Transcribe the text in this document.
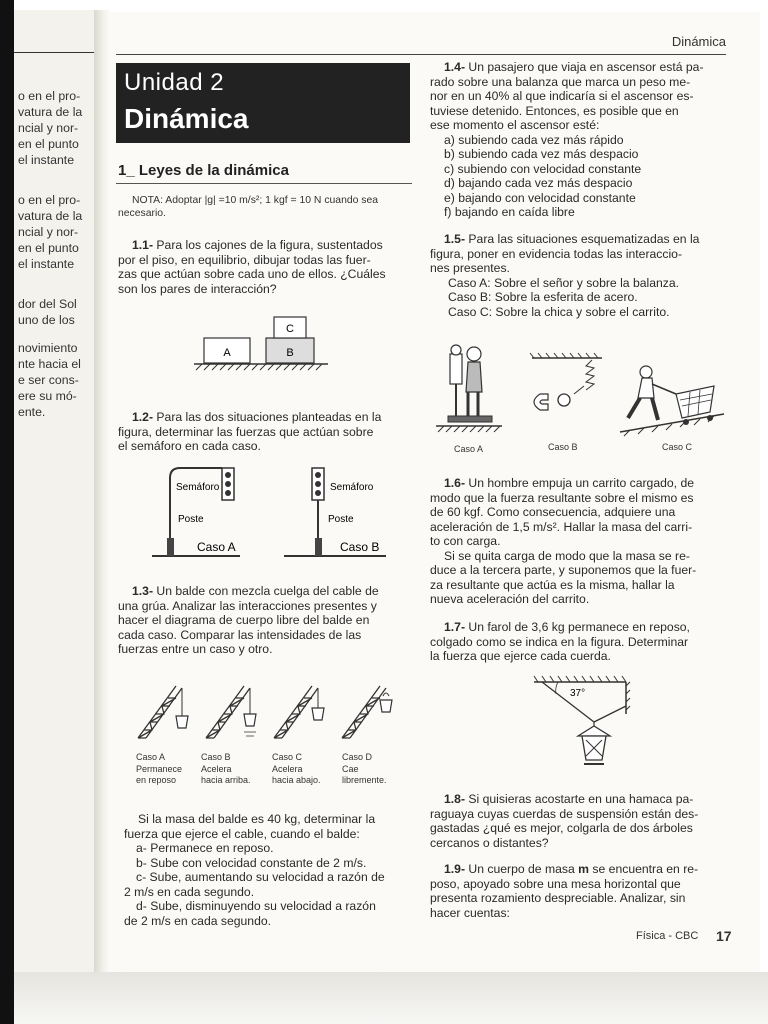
o en el pro-
vatura de la
ncial y nor-
en el punto
el instante
o en el pro-
vatura de la
ncial y nor-
en el punto
el instante
dor del Sol
uno de los
novimiento
nte hacia el
e ser cons-
ere su mó-
ente.
Dinámica
Unidad 2
Dinámica
1_ Leyes de la dinámica
NOTA: Adoptar |g| =10 m/s²; 1 kgf = 10 N cuando sea
necesario.
1.1- Para los cajones de la figura, sustentados
por el piso, en equilibrio, dibujar todas las fuer-
zas que actúan sobre cada uno de ellos. ¿Cuáles
son los pares de interacción?
A	B
C
1.2- Para las dos situaciones planteadas en la
figura, determinar las fuerzas que actúan sobre
el semáforo en cada caso.
Semáforo
Poste
Caso A
Semáforo
Poste
Caso B
1.3- Un balde con mezcla cuelga del cable de
una grúa. Analizar las interacciones presentes y
hacer el diagrama de cuerpo libre del balde en
cada caso. Comparar las intensidades de las
fuerzas entre un caso y otro.
Caso A
Permanece
en reposo
Caso B
Acelera
hacia arriba.
Caso C
Acelera
hacia abajo.
Caso D
Cae
libremente.
Si la masa del balde es 40 kg, determinar la
fuerza que ejerce el cable, cuando el balde:
a- Permanece en reposo.
b- Sube con velocidad constante de 2 m/s.
c- Sube, aumentando su velocidad a razón de
2 m/s en cada segundo.
d- Sube, disminuyendo su velocidad a razón
de 2 m/s en cada segundo.
1.4- Un pasajero que viaja en ascensor está pa-
rado sobre una balanza que marca un peso me-
nor en un 40% al que indicaría si el ascensor es-
tuviese detenido. Entonces, es posible que en
ese momento el ascensor esté:
a) subiendo cada vez más rápido
b) subiendo cada vez más despacio
c) subiendo con velocidad constante
d) bajando cada vez más despacio
e) bajando con velocidad constante
f) bajando en caída libre
1.5- Para las situaciones esquematizadas en la
figura, poner en evidencia todas las interaccio-
nes presentes.
Caso A: Sobre el señor y sobre la balanza.
Caso B: Sobre la esferita de acero.
Caso C: Sobre la chica y sobre el carrito.
Caso A	Caso B	Caso C
1.6- Un hombre empuja un carrito cargado, de
modo que la fuerza resultante sobre el mismo es
de 60 kgf. Como consecuencia, adquiere una
aceleración de 1,5 m/s². Hallar la masa del carri-
to con carga.
Si se quita carga de modo que la masa se re-
duce a la tercera parte, y suponemos que la fuer-
za resultante que actúa es la misma, hallar la
nueva aceleración del carrito.
1.7- Un farol de 3,6 kg permanece en reposo,
colgado como se indica en la figura. Determinar
la fuerza que ejerce cada cuerda.
37°
1.8- Si quisieras acostarte en una hamaca pa-
raguaya cuyas cuerdas de suspensión están des-
gastadas ¿qué es mejor, colgarla de dos árboles
cercanos o distantes?
1.9- Un cuerpo de masa m se encuentra en re-
poso, apoyado sobre una mesa horizontal que
presenta rozamiento despreciable. Analizar, sin
hacer cuentas:
Física - CBC 17
